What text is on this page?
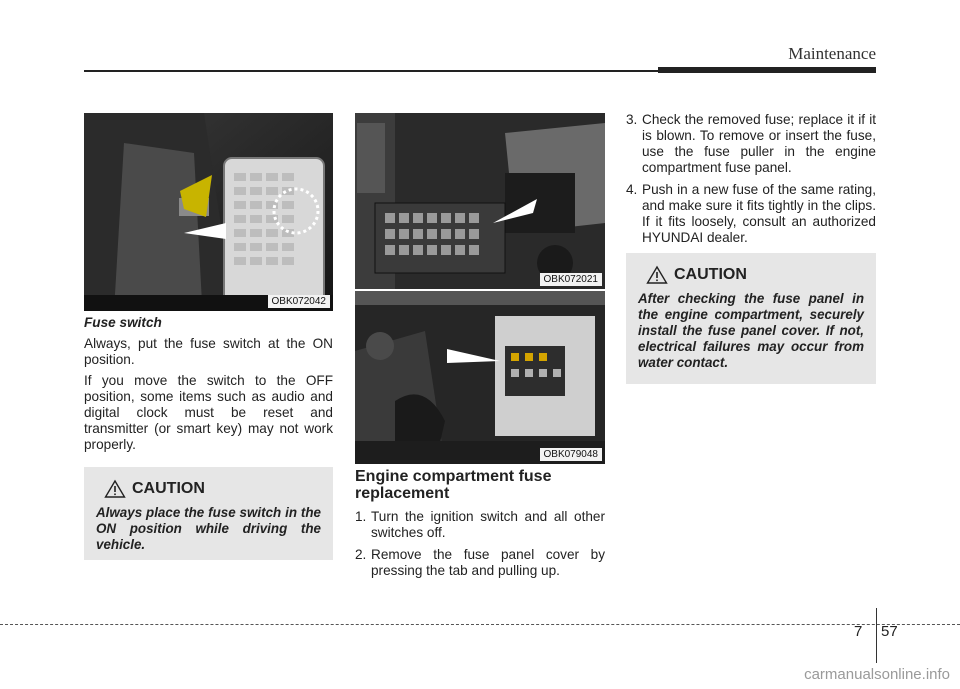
Maintenance
OBK072042
OBK072021
OBK079048
Fuse switch
Always, put the fuse switch at the ON position.
If you move the switch to the OFF position, some items such as audio and digital clock must be reset and transmitter (or smart key) may not work properly.
CAUTION
Always place the fuse switch in the ON position while driving the vehicle.
Engine compartment fuse replacement
1. Turn the ignition switch and all other switches off.
2. Remove the fuse panel cover by pressing the tab and pulling up.
3. Check the removed fuse; replace it if it is blown. To remove or insert the fuse, use the fuse puller in the engine compartment fuse panel.
4. Push in a new fuse of the same rating, and make sure it fits tightly in the clips. If it fits loosely, consult an authorized HYUNDAI dealer.
CAUTION
After checking the fuse panel in the engine compartment, securely install the fuse panel cover. If not, electrical failures may occur from water contact.
7 57
carmanualsonline.info
